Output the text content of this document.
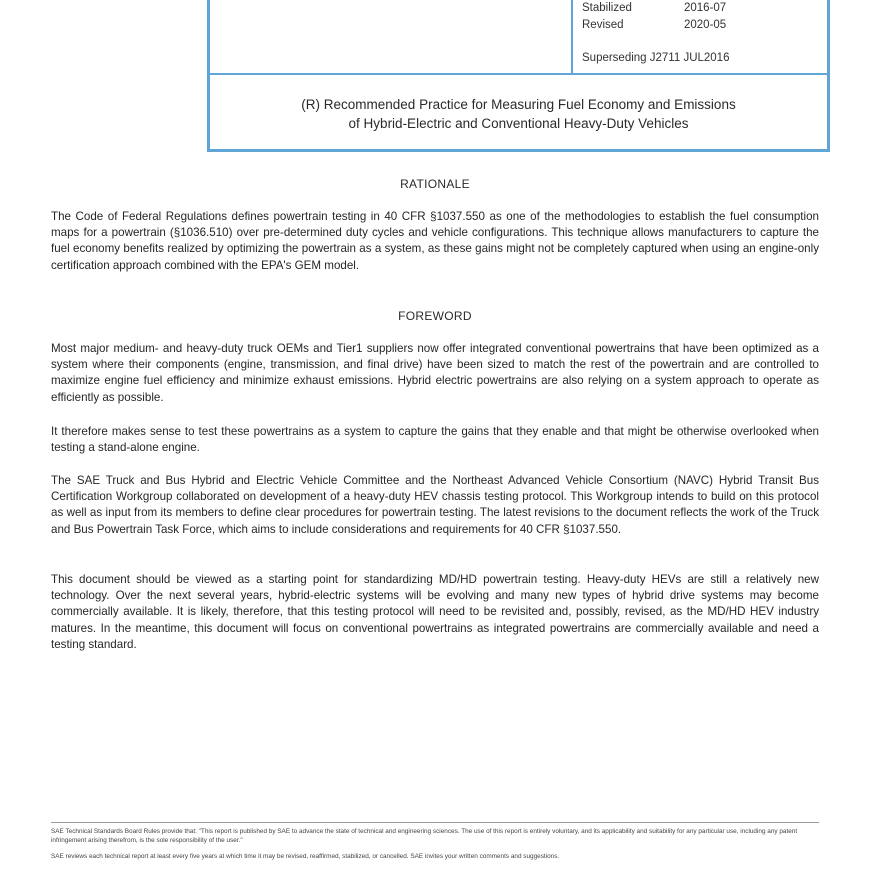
Stabilized	2016-07
Revised	2020-05
Superseding J2711 JUL2016
(R) Recommended Practice for Measuring Fuel Economy and Emissions
of Hybrid-Electric and Conventional Heavy-Duty Vehicles
RATIONALE

The Code of Federal Regulations defines powertrain testing in 40 CFR §1037.550 as one of the methodologies to establish the fuel consumption maps for a powertrain (§1036.510) over pre-determined duty cycles and vehicle configurations. This technique allows manufacturers to capture the fuel economy benefits realized by optimizing the powertrain as a system, as these gains might not be completely captured when using an engine-only certification approach combined with the EPA's GEM model.

FOREWORD

Most major medium- and heavy-duty truck OEMs and Tier1 suppliers now offer integrated conventional powertrains that have been optimized as a system where their components (engine, transmission, and final drive) have been sized to match the rest of the powertrain and are controlled to maximize engine fuel efficiency and minimize exhaust emissions. Hybrid electric powertrains are also relying on a system approach to operate as efficiently as possible.

It therefore makes sense to test these powertrains as a system to capture the gains that they enable and that might be otherwise overlooked when testing a stand-alone engine.

The SAE Truck and Bus Hybrid and Electric Vehicle Committee and the Northeast Advanced Vehicle Consortium (NAVC) Hybrid Transit Bus Certification Workgroup collaborated on development of a heavy-duty HEV chassis testing protocol. This Workgroup intends to build on this protocol as well as input from its members to define clear procedures for powertrain testing. The latest revisions to the document reflects the work of the Truck and Bus Powertrain Task Force, which aims to include considerations and requirements for 40 CFR §1037.550.

This document should be viewed as a starting point for standardizing MD/HD powertrain testing. Heavy-duty HEVs are still a relatively new technology. Over the next several years, hybrid-electric systems will be evolving and many new types of hybrid drive systems may become commercially available. It is likely, therefore, that this testing protocol will need to be revisited and, possibly, revised, as the MD/HD HEV industry matures. In the meantime, this document will focus on conventional powertrains as integrated powertrains are commercially available and need a testing standard.

SAE Technical Standards Board Rules provide that: "This report is published by SAE to advance the state of technical and engineering sciences. The use of this report is entirely voluntary, and its applicability and suitability for any particular use, including any patent infringement arising therefrom, is the sole responsibility of the user."

SAE reviews each technical report at least every five years at which time it may be revised, reaffirmed, stabilized, or cancelled. SAE invites your written comments and suggestions.
